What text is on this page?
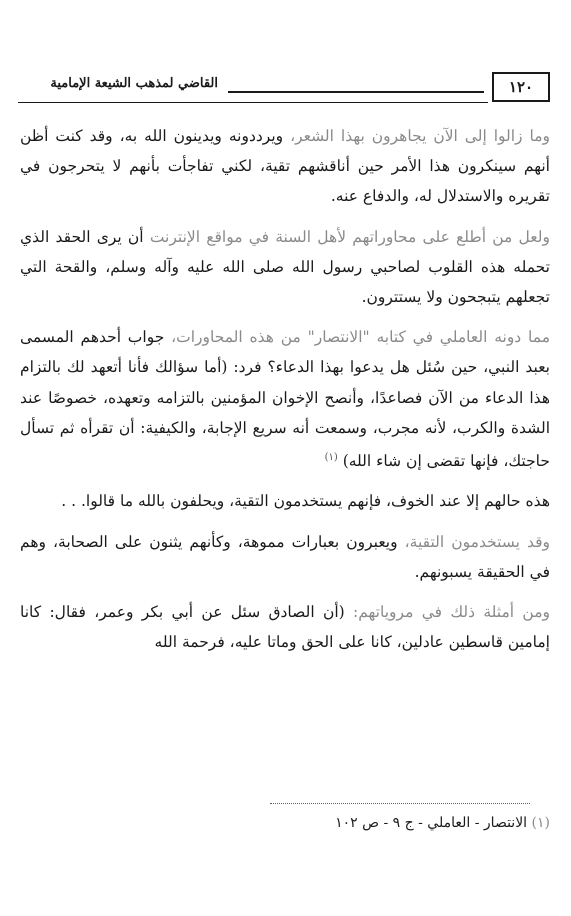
١٢٠
القاضي لمذهب الشيعة الإمامية

وما زالوا إلى الآن يجاهرون بهذا الشعر، ويرددونه ويدينون الله به، وقد كنت أظن أنهم سينكرون هذا الأمر حين أناقشهم تقية، لكني تفاجأت بأنهم لا يتحرجون في تقريره والاستدلال له، والدفاع عنه.

ولعل من أطلع على محاوراتهم لأهل السنة في مواقع الإنترنت أن يرى الحقد الذي تحمله هذه القلوب لصاحبي رسول الله صلى الله عليه وآله وسلم، والقحة التي تجعلهم يتبجحون ولا يستترون.

مما دونه العاملي في كتابه "الانتصار" من هذه المحاورات، جواب أحدهم المسمى بعبد النبي، حين سُئل هل يدعوا بهذا الدعاء؟ فرد: (أما سؤالك فأنا أتعهد لك بالتزام هذا الدعاء من الآن فصاعدًا، وأنصح الإخوان المؤمنين بالتزامه وتعهده، خصوصًا عند الشدة والكرب، لأنه مجرب، وسمعت أنه سريع الإجابة، والكيفية: أن تقرأه ثم تسأل حاجتك، فإنها تقضى إن شاء الله) $^{(١)}$

هذه حالهم إلا عند الخوف، فإنهم يستخدمون التقية، ويحلفون بالله ما قالوا. . .

وقد يستخدمون التقية، ويعبرون بعبارات مموهة، وكأنهم يثنون على الصحابة، وهم في الحقيقة يسبونهم.

ومن أمثلة ذلك في مروياتهم: (أن الصادق سئل عن أبي بكر وعمر، فقال: كانا إمامين قاسطين عادلين، كانا على الحق وماتا عليه، فرحمة الله

(١) الانتصار - العاملي - ج ٩ - ص ١٠٢
